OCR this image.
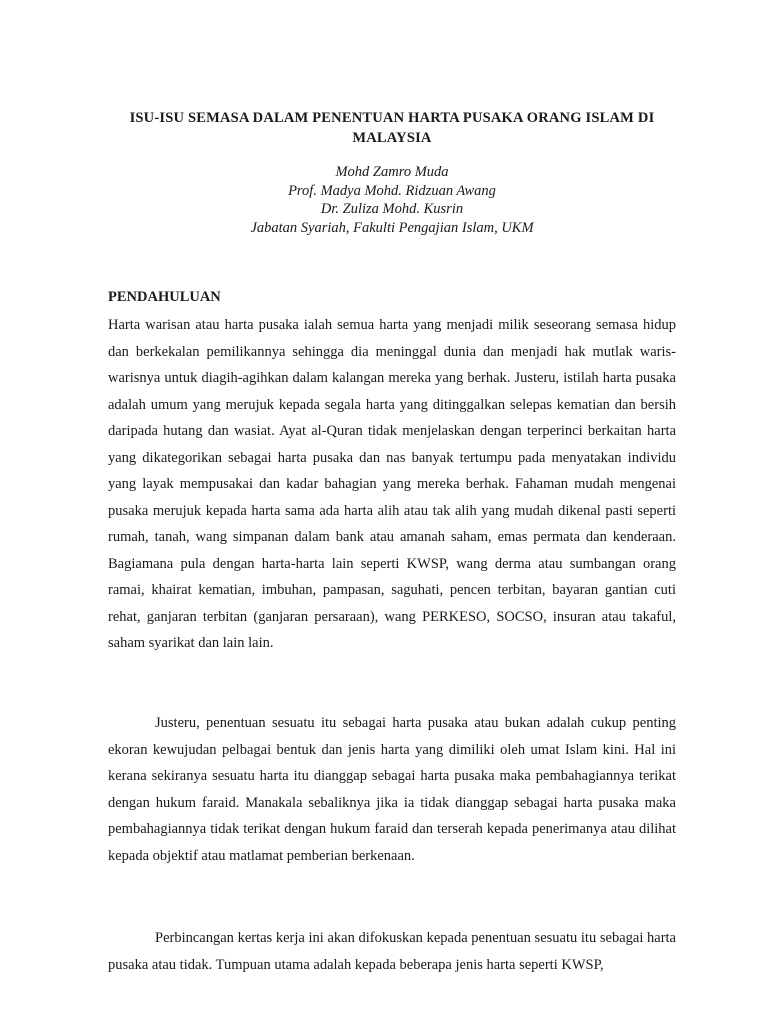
ISU-ISU SEMASA DALAM PENENTUAN HARTA PUSAKA ORANG ISLAM DI MALAYSIA
Mohd Zamro Muda
Prof. Madya Mohd. Ridzuan Awang
Dr. Zuliza Mohd. Kusrin
Jabatan Syariah, Fakulti Pengajian Islam, UKM
PENDAHULUAN

Harta warisan atau harta pusaka ialah semua harta yang menjadi milik seseorang semasa hidup dan berkekalan pemilikannya sehingga dia meninggal dunia dan menjadi hak mutlak waris-warisnya untuk diagih-agihkan dalam kalangan mereka yang berhak. Justeru, istilah harta pusaka adalah umum yang merujuk kepada segala harta yang ditinggalkan selepas kematian dan bersih daripada hutang dan wasiat. Ayat al-Quran tidak menjelaskan dengan terperinci berkaitan harta yang dikategorikan sebagai harta pusaka dan nas banyak tertumpu pada menyatakan individu yang layak mempusakai dan kadar bahagian yang mereka berhak. Fahaman mudah mengenai pusaka merujuk kepada harta sama ada harta alih atau tak alih yang mudah dikenal pasti seperti rumah, tanah, wang simpanan dalam bank atau amanah saham, emas permata dan kenderaan. Bagiamana pula dengan harta-harta lain seperti KWSP, wang derma atau sumbangan orang ramai, khairat kematian, imbuhan, pampasan, saguhati, pencen terbitan, bayaran gantian cuti rehat, ganjaran terbitan (ganjaran persaraan), wang PERKESO, SOCSO, insuran atau takaful, saham syarikat dan lain lain.

Justeru, penentuan sesuatu itu sebagai harta pusaka atau bukan adalah cukup penting ekoran kewujudan pelbagai bentuk dan jenis harta yang dimiliki oleh umat Islam kini. Hal ini kerana sekiranya sesuatu harta itu dianggap sebagai harta pusaka maka pembahagiannya terikat dengan hukum faraid. Manakala sebaliknya jika ia tidak dianggap sebagai harta pusaka maka pembahagiannya tidak terikat dengan hukum faraid dan terserah kepada penerimanya atau dilihat kepada objektif atau matlamat pemberian berkenaan.

Perbincangan kertas kerja ini akan difokuskan kepada penentuan sesuatu itu sebagai harta pusaka atau tidak. Tumpuan utama adalah kepada beberapa jenis harta seperti KWSP,
